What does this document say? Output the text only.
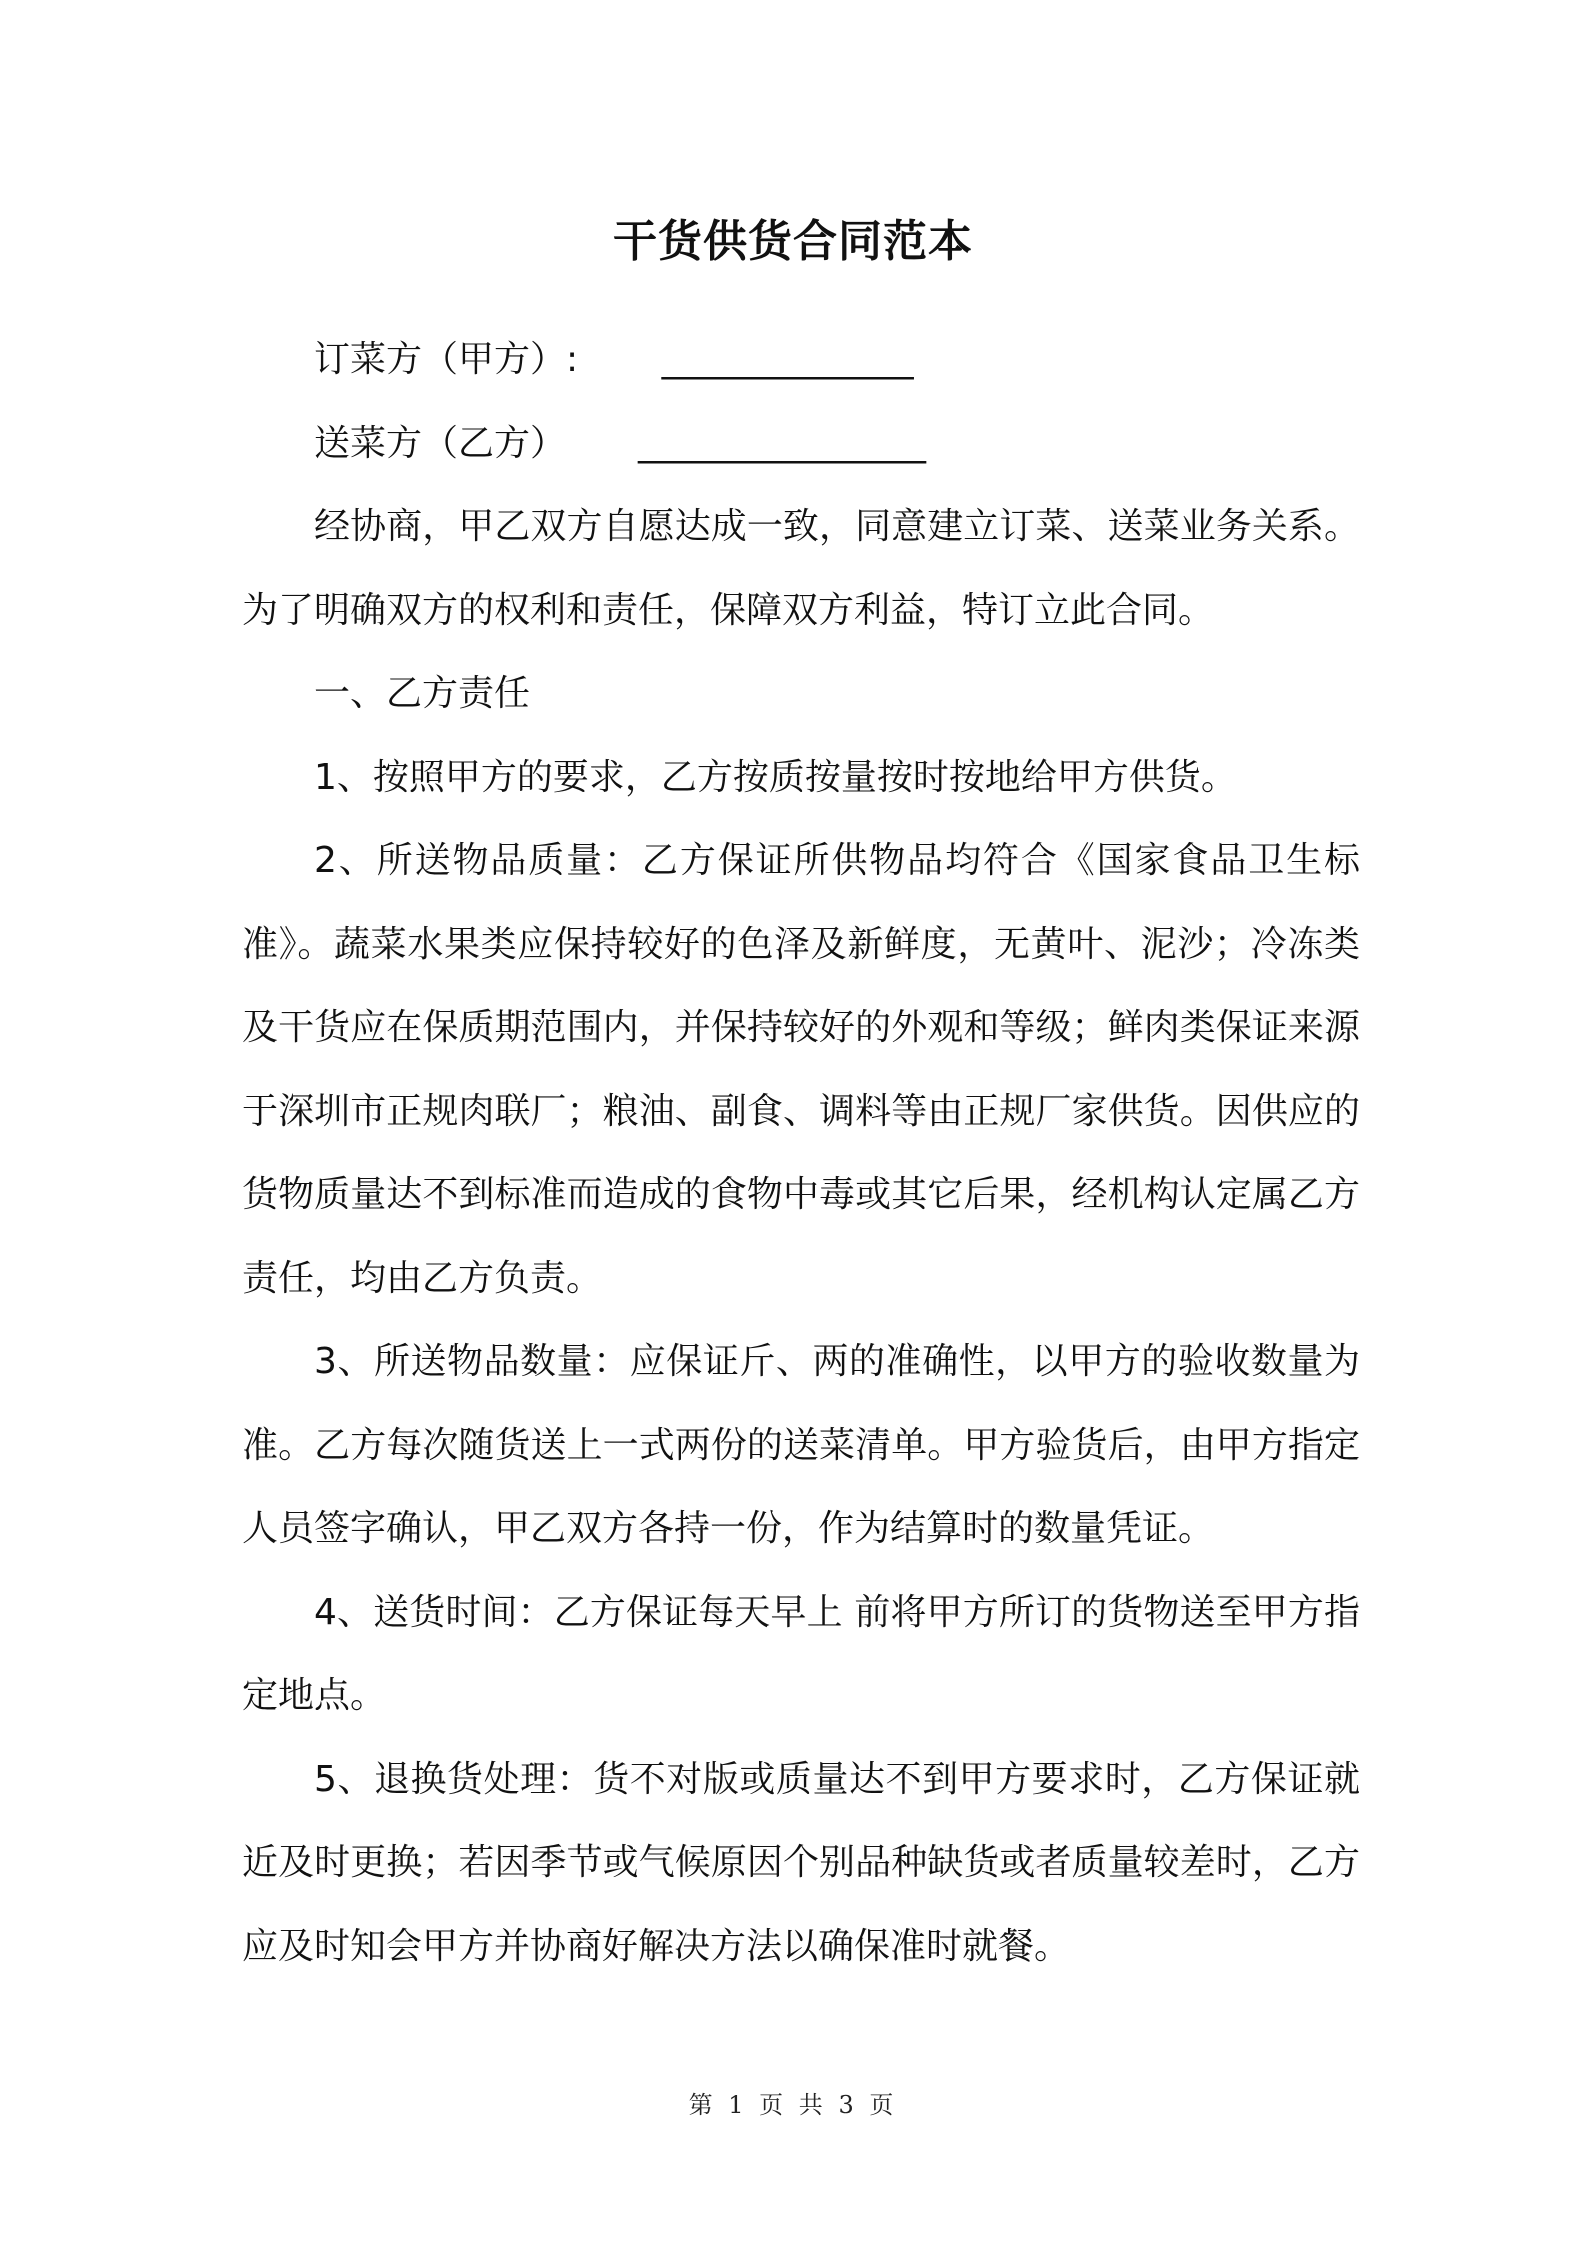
干货供货合同范本

订菜方（甲方）: ______________

送菜方（乙方） ________________

经协商，甲乙双方自愿达成一致，同意建立订菜、送菜业务关系。为了明确双方的权利和责任，保障双方利益，特订立此合同。

一、乙方责任

1、按照甲方的要求，乙方按质按量按时按地给甲方供货。

2、所送物品质量：乙方保证所供物品均符合《国家食品卫生标准》。蔬菜水果类应保持较好的色泽及新鲜度，无黄叶、泥沙；冷冻类及干货应在保质期范围内，并保持较好的外观和等级；鲜肉类保证来源于深圳市正规肉联厂；粮油、副食、调料等由正规厂家供货。因供应的货物质量达不到标准而造成的食物中毒或其它后果，经机构认定属乙方责任，均由乙方负责。

3、所送物品数量：应保证斤、两的准确性，以甲方的验收数量为准。乙方每次随货送上一式两份的送菜清单。甲方验货后，由甲方指定人员签字确认，甲乙双方各持一份，作为结算时的数量凭证。

4、送货时间：乙方保证每天早上 前将甲方所订的货物送至甲方指定地点。

5、退换货处理：货不对版或质量达不到甲方要求时，乙方保证就近及时更换；若因季节或气候原因个别品种缺货或者质量较差时，乙方应及时知会甲方并协商好解决方法以确保准时就餐。

第 1 页 共 3 页
